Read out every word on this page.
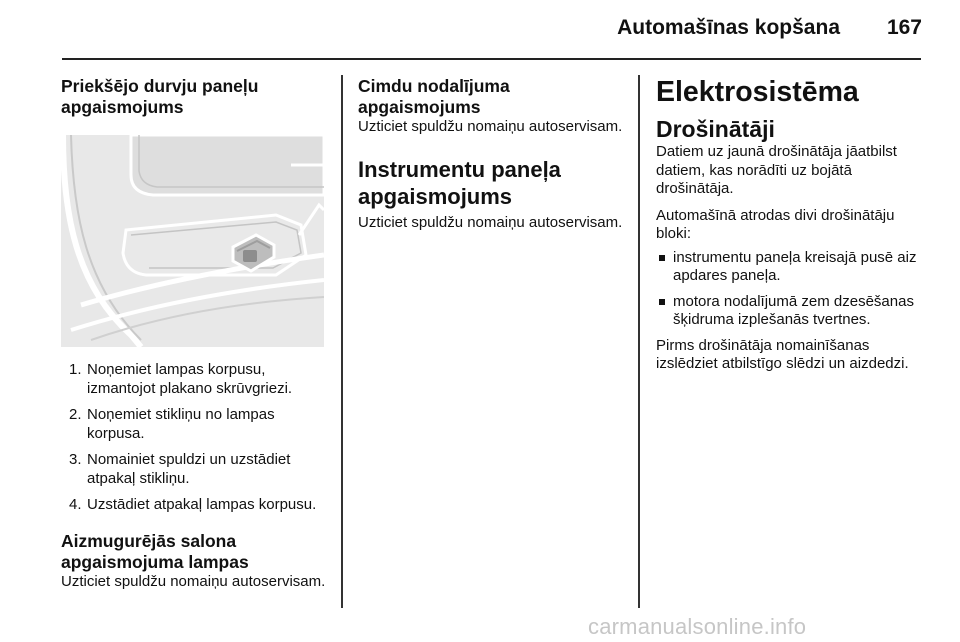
Automašīnas kopšana	167
Priekšējo durvju paneļu apgaismojums
1. Noņemiet lampas korpusu, izmantojot plakano skrūvgriezi.
2. Noņemiet stikliņu no lampas korpusa.
3. Nomainiet spuldzi un uzstādiet atpakaļ stikliņu.
4. Uzstādiet atpakaļ lampas korpusu.
Aizmugurējās salona apgaismojuma lampas

Uzticiet spuldžu nomaiņu autoservisam.

Cimdu nodalījuma apgaismojums

Uzticiet spuldžu nomaiņu autoservisam.

Instrumentu paneļa apgaismojums

Uzticiet spuldžu nomaiņu autoservisam.

Elektrosistēma
Drošinātāji

Datiem uz jaunā drošinātāja jāatbilst datiem, kas norādīti uz bojātā drošinātāja.

Automašīnā atrodas divi drošinātāju bloki:

instrumentu paneļa kreisajā pusē aiz apdares paneļa.
motora nodalījumā zem dzesēšanas šķidruma izplešanās tvertnes.

Pirms drošinātāja nomainīšanas izslēdziet atbilstīgo slēdzi un aizdedzi.

carmanualsonline.info
